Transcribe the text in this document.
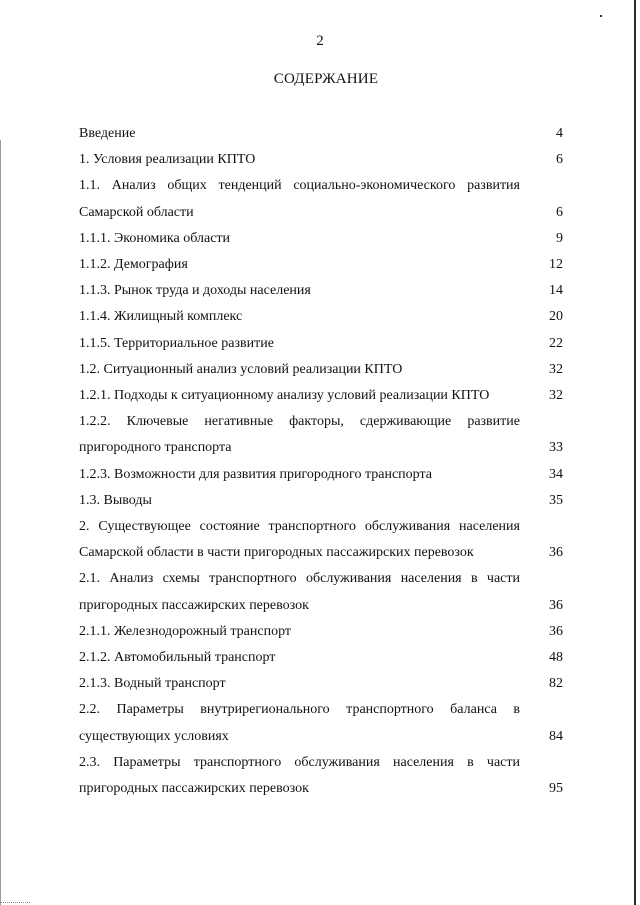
2
СОДЕРЖАНИЕ
Введение	4
1. Условия реализации КПТО	6
1.1. Анализ общих тенденций социально-экономического развития Самарской области	6
1.1.1. Экономика области	9
1.1.2. Демография	12
1.1.3. Рынок труда и доходы населения	14
1.1.4. Жилищный комплекс	20
1.1.5. Территориальное развитие	22
1.2. Ситуационный анализ условий реализации КПТО	32
1.2.1. Подходы к ситуационному анализу условий реализации КПТО	32
1.2.2. Ключевые негативные факторы, сдерживающие развитие пригородного транспорта	33
1.2.3. Возможности для развития пригородного транспорта	34
1.3. Выводы	35
2. Существующее состояние транспортного обслуживания населения Самарской области в части пригородных пассажирских перевозок	36
2.1. Анализ схемы транспортного обслуживания населения в части пригородных пассажирских перевозок	36
2.1.1. Железнодорожный транспорт	36
2.1.2. Автомобильный транспорт	48
2.1.3. Водный транспорт	82
2.2. Параметры внутрирегионального транспортного баланса в существующих условиях	84
2.3. Параметры транспортного обслуживания населения в части пригородных пассажирских перевозок	95
